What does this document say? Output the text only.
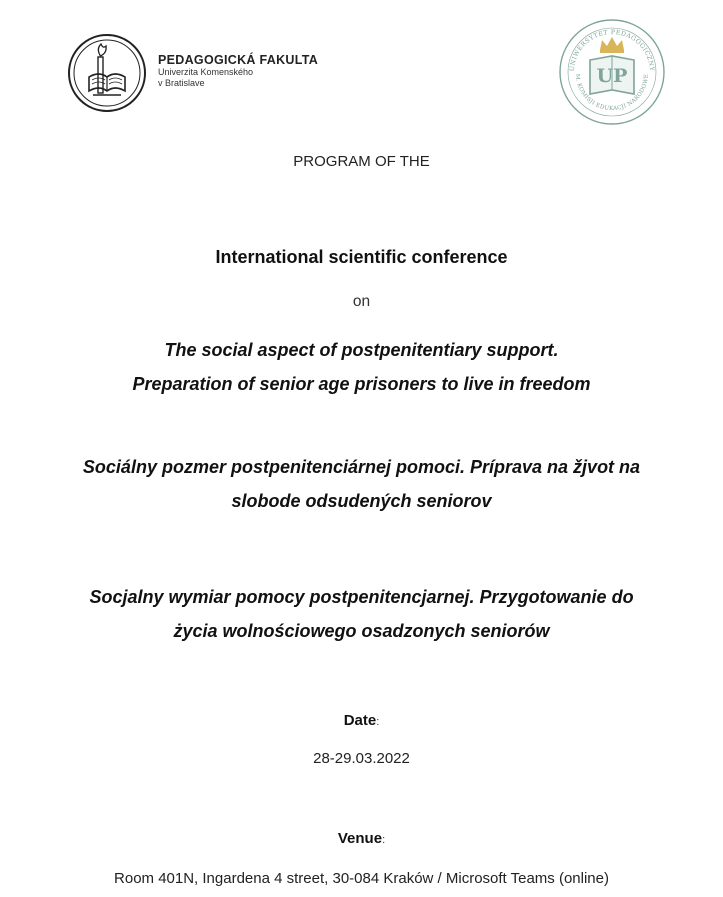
PEDAGOGICKÁ FAKULTA
Univerzita Komenského
v Bratislave
UNIWERSYTET PEDAGOGICZNY
M. KOMISJI EDUKACJI NARODOWE
UP
PROGRAM OF THE
International scientific conference
on
The social aspect of postpenitentiary support.
Preparation of senior age prisoners to live in freedom
Sociálny pozmer postpenitenciárnej pomoci. Príprava na žjvot na
slobode odsudených seniorov
Socjalny wymiar pomocy postpenitencjarnej. Przygotowanie do
życia wolnościowego osadzonych seniorów
Date:
28-29.03.2022
Venue:
Room 401N, Ingardena 4 street, 30-084 Kraków / Microsoft Teams (online)
